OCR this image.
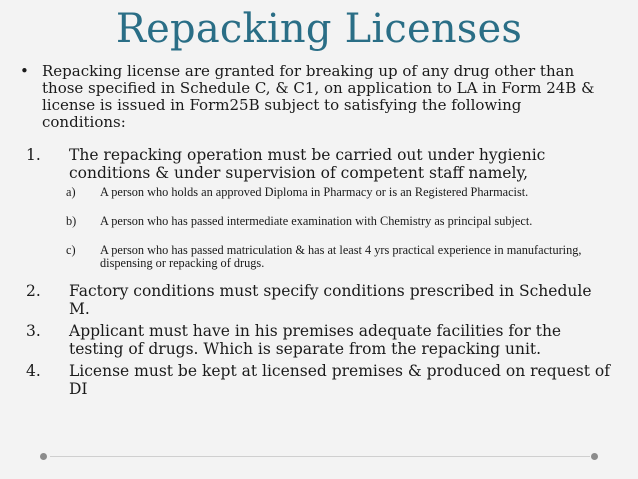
Repacking Licenses
• Repacking license are granted for breaking up of any drug other than those specified in Schedule C, & C1, on application to LA in Form 24B & license is issued in Form25B subject to satisfying the following conditions:
1. The repacking operation must be carried out under hygienic conditions & under supervision of competent staff namely,
a) A person who holds an approved Diploma in Pharmacy or is an Registered Pharmacist.
b) A person who has passed intermediate examination with Chemistry as principal subject.
c) A person who has passed matriculation & has at least 4 yrs practical experience in manufacturing, dispensing or repacking of drugs.
2. Factory conditions must specify conditions prescribed in Schedule M.
3. Applicant must have in his premises adequate facilities for the testing of drugs. Which is separate from the repacking unit.
4. License must be kept at licensed premises & produced on request of DI
